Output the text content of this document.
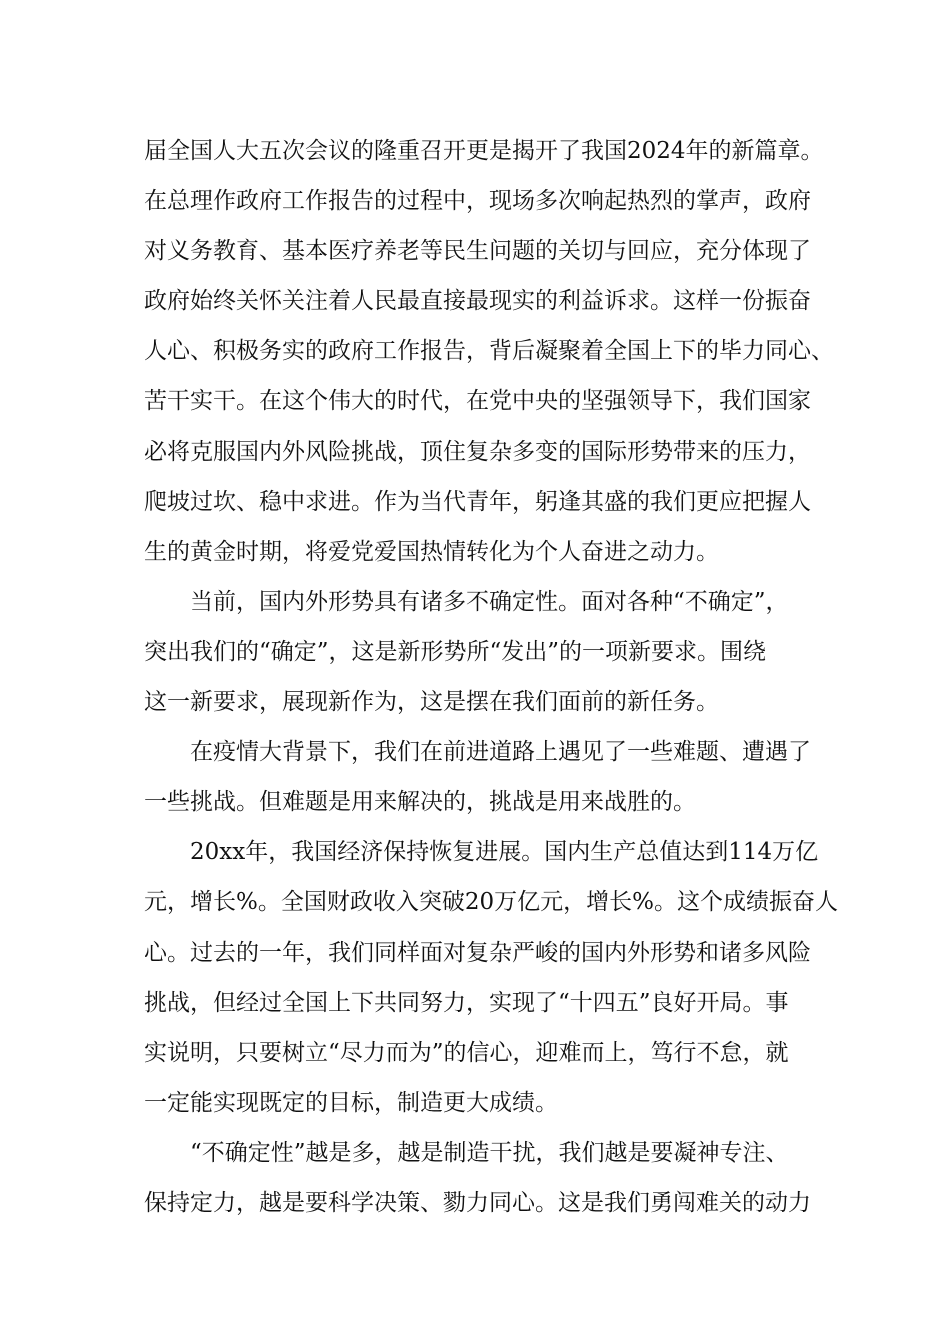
届全国人大五次会议的隆重召开更是揭开了我国2024年的新篇章。
在总理作政府工作报告的过程中，现场多次响起热烈的掌声，政府
对义务教育、基本医疗养老等民生问题的关切与回应，充分体现了
政府始终关怀关注着人民最直接最现实的利益诉求。这样一份振奋
人心、积极务实的政府工作报告，背后凝聚着全国上下的毕力同心、
苦干实干。在这个伟大的时代，在党中央的坚强领导下，我们国家
必将克服国内外风险挑战，顶住复杂多变的国际形势带来的压力，
爬坡过坎、稳中求进。作为当代青年，躬逢其盛的我们更应把握人
生的黄金时期，将爱党爱国热情转化为个人奋进之动力。
当前，国内外形势具有诸多不确定性。面对各种“不确定”，
突出我们的“确定”，这是新形势所“发出”的一项新要求。围绕
这一新要求，展现新作为，这是摆在我们面前的新任务。
在疫情大背景下，我们在前进道路上遇见了一些难题、遭遇了
一些挑战。但难题是用来解决的，挑战是用来战胜的。
20xx年，我国经济保持恢复进展。国内生产总值达到114万亿
元，增长%。全国财政收入突破20万亿元，增长%。这个成绩振奋人
心。过去的一年，我们同样面对复杂严峻的国内外形势和诸多风险
挑战，但经过全国上下共同努力，实现了“十四五”良好开局。事
实说明，只要树立“尽力而为”的信心，迎难而上，笃行不怠，就
一定能实现既定的目标，制造更大成绩。
“不确定性”越是多，越是制造干扰，我们越是要凝神专注、
保持定力，越是要科学决策、勠力同心。这是我们勇闯难关的动力
